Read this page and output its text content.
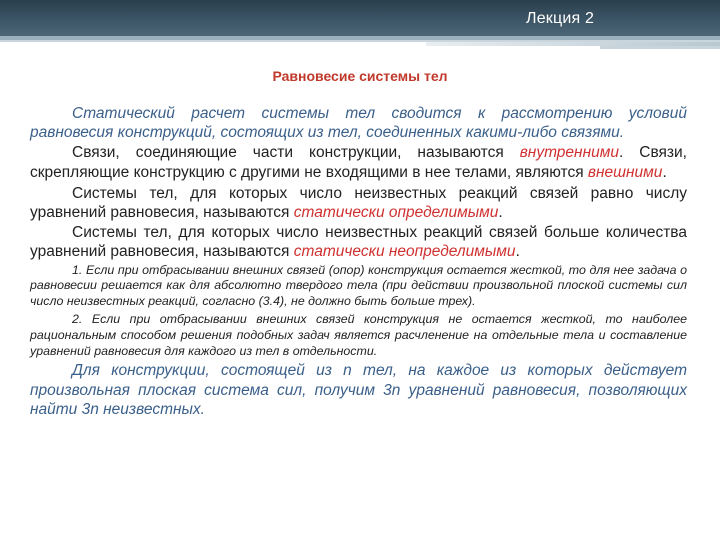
Лекция 2
Равновесие системы тел

Статический расчет системы тел сводится к рассмотрению условий равновесия конструкций, состоящих из тел, соединенных какими-либо связями.

Связи, соединяющие части конструкции, называются внутренними. Связи, скрепляющие конструкцию с другими не входящими в нее телами, являются внешними.

Системы тел, для которых число неизвестных реакций связей равно числу уравнений равновесия, называются статически определимыми.

Системы тел, для которых число неизвестных реакций связей больше количества уравнений равновесия, называются статически неопределимыми.

1. Если при отбрасывании внешних связей (опор) конструкция остается жесткой, то для нее задача о равновесии решается как для абсолютно твердого тела (при действии произвольной плоской системы сил число неизвестных реакций, согласно (3.4), не должно быть больше трех).

2. Если при отбрасывании внешних связей конструкция не остается жесткой, то наиболее рациональным способом решения подобных задач является расчленение на отдельные тела и составление уравнений равновесия для каждого из тел в отдельности.

Для конструкции, состоящей из n тел, на каждое из которых действует произвольная плоская система сил, получим 3n уравнений равновесия, позволяющих найти 3n неизвестных.
